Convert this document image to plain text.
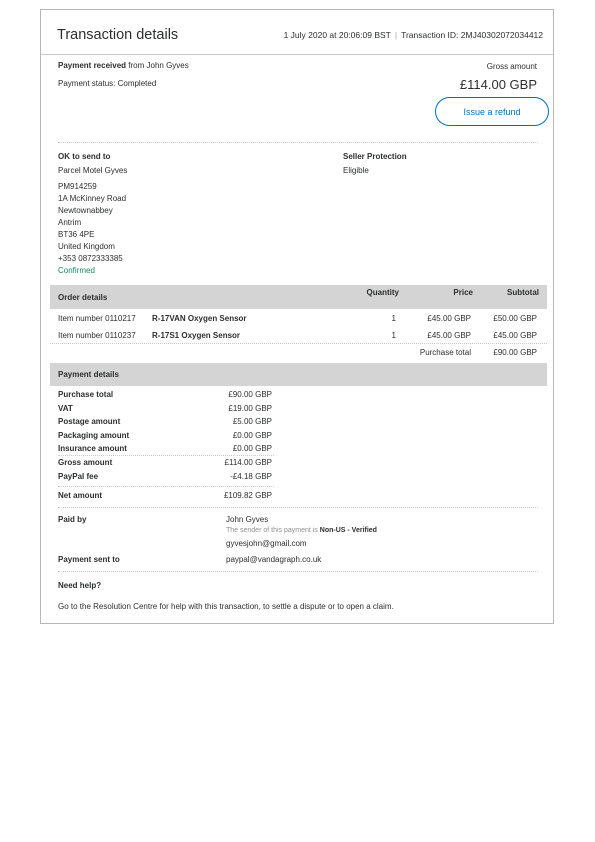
Transaction details	1 July 2020 at 20:06:09 BST | Transaction ID: 2MJ40302072034412
Payment received from John Gyves
Payment status: Completed
Gross amount
£114.00 GBP
Issue a refund
OK to send to
Parcel Motel Gyves
PM914259
1A McKinney Road
Newtownabbey
Antrim
BT36 4PE
United Kingdom
+353 0872333385
Confirmed
Seller Protection
Eligible
Order details
Quantity	Price	Subtotal
Item number 0110217 R-17VAN Oxygen Sensor	1	£45.00 GBP	£50.00 GBP
Item number 0110237 R-17S1 Oxygen Sensor	1	£45.00 GBP	£45.00 GBP
Purchase total	£90.00 GBP
Payment details
Purchase total	£90.00 GBP
VAT	£19.00 GBP
Postage amount	£5.00 GBP
Packaging amount	£0.00 GBP
Insurance amount	£0.00 GBP
Gross amount	£114.00 GBP
PayPal fee	-£4.18 GBP
Net amount	£109.82 GBP
Paid by	John Gyves
The sender of this payment is Non-US - Verified
gyvesjohn@gmail.com
Payment sent to	paypal@vandagraph.co.uk
Need help?
Go to the Resolution Centre for help with this transaction, to settle a dispute or to open a claim.
